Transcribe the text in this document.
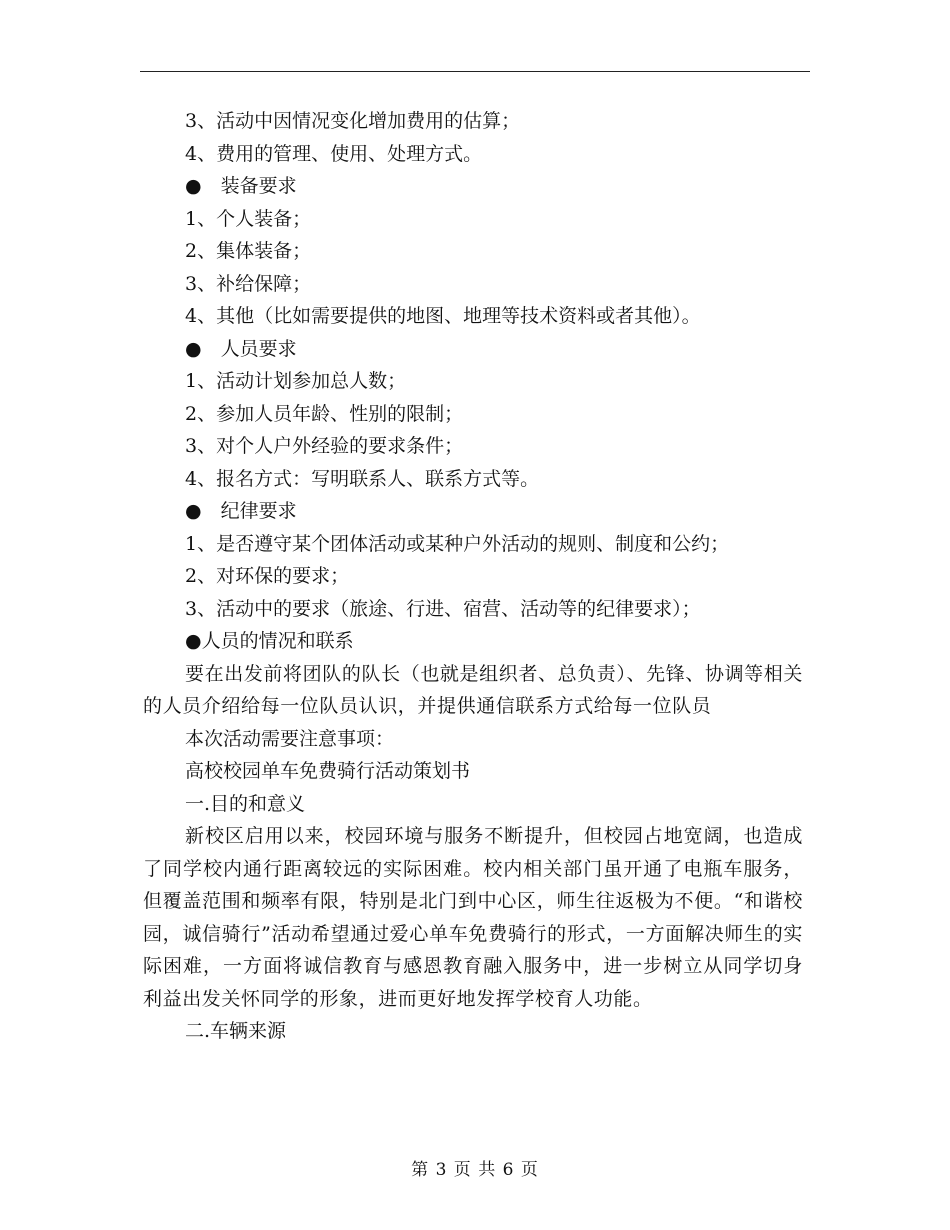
3、活动中因情况变化增加费用的估算；
4、费用的管理、使用、处理方式。
●　装备要求
1、个人装备；
2、集体装备；
3、补给保障；
4、其他（比如需要提供的地图、地理等技术资料或者其他）。
●　人员要求
1、活动计划参加总人数；
2、参加人员年龄、性别的限制；
3、对个人户外经验的要求条件；
4、报名方式：写明联系人、联系方式等。
●　纪律要求
1、是否遵守某个团体活动或某种户外活动的规则、制度和公约；
2、对环保的要求；
3、活动中的要求（旅途、行进、宿营、活动等的纪律要求）；
●人员的情况和联系
要在出发前将团队的队长（也就是组织者、总负责）、先锋、协调等相关的人员介绍给每一位队员认识，并提供通信联系方式给每一位队员
本次活动需要注意事项：
高校校园单车免费骑行活动策划书
一.目的和意义
新校区启用以来，校园环境与服务不断提升，但校园占地宽阔，也造成了同学校内通行距离较远的实际困难。校内相关部门虽开通了电瓶车服务，但覆盖范围和频率有限，特别是北门到中心区，师生往返极为不便。“和谐校园，诚信骑行”活动希望通过爱心单车免费骑行的形式，一方面解决师生的实际困难，一方面将诚信教育与感恩教育融入服务中，进一步树立从同学切身利益出发关怀同学的形象，进而更好地发挥学校育人功能。
二.车辆来源
第 3 页 共 6 页
